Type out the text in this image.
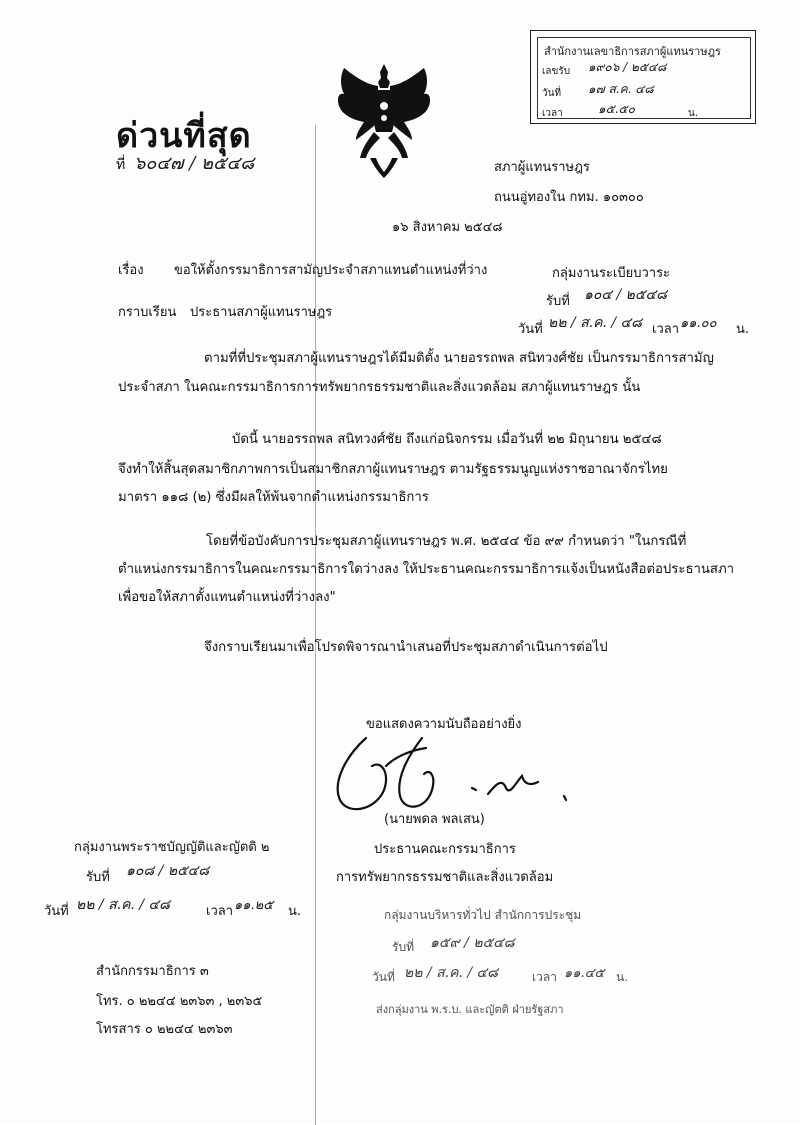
สำนักงานเลขาธิการสภาผู้แทนราษฎร
เลขรับ ๑๙๐๖ / ๒๕๔๘
วันที่ ๑๗ ส.ค. ๔๘
เวลา	๑๕.๕๐	น.
ด่วนที่สุด
ที่ ๖๐๔๗ / ๒๕๔๘	สภาผู้แทนราษฎร
ถนนอู่ทองใน กทม. ๑๐๓๐๐
๑๖ สิงหาคม ๒๕๔๘
เรื่อง ขอให้ตั้งกรรมาธิการสามัญประจำสภาแทนตำแหน่งที่ว่าง
กราบเรียน ประธานสภาผู้แทนราษฎร
กลุ่มงานระเบียบวาระ
รับที่ ๑๐๔ / ๒๕๔๘
วันที่ ๒๒ / ส.ค. / ๔๘ เวลา ๑๑.๐๐ น.
ตามที่ที่ประชุมสภาผู้แทนราษฎรได้มีมติตั้ง นายอรรถพล สนิทวงศ์ชัย เป็นกรรมาธิการสามัญ
ประจำสภา ในคณะกรรมาธิการการทรัพยากรธรรมชาติและสิ่งแวดล้อม สภาผู้แทนราษฎร นั้น
บัดนี้ นายอรรถพล สนิทวงศ์ชัย ถึงแก่อนิจกรรม เมื่อวันที่ ๒๒ มิถุนายน ๒๕๔๘
จึงทำให้สิ้นสุดสมาชิกภาพการเป็นสมาชิกสภาผู้แทนราษฎร ตามรัฐธรรมนูญแห่งราชอาณาจักรไทย
มาตรา ๑๑๘ (๒) ซึ่งมีผลให้พ้นจากตำแหน่งกรรมาธิการ
โดยที่ข้อบังคับการประชุมสภาผู้แทนราษฎร พ.ศ. ๒๕๔๔ ข้อ ๙๙ กำหนดว่า "ในกรณีที่
ตำแหน่งกรรมาธิการในคณะกรรมาธิการใดว่างลง ให้ประธานคณะกรรมาธิการแจ้งเป็นหนังสือต่อประธานสภา
เพื่อขอให้สภาตั้งแทนตำแหน่งที่ว่างลง"
จึงกราบเรียนมาเพื่อโปรดพิจารณานำเสนอที่ประชุมสภาดำเนินการต่อไป
ขอแสดงความนับถืออย่างยิ่ง
(นายพดล พลเสน)
ประธานคณะกรรมาธิการ
การทรัพยากรธรรมชาติและสิ่งแวดล้อม
กลุ่มงานพระราชบัญญัติและญัตติ ๒
รับที่ ๑๐๘ / ๒๕๔๘
วันที่ ๒๒ / ส.ค. / ๔๘	เวลา ๑๑.๒๕ น.	กลุ่มงานบริหารทั่วไป สำนักการประชุม
รับที่ ๑๕๙ / ๒๕๔๘
วันที่ ๒๒ / ส.ค. / ๔๘	เวลา ๑๑.๔๕ น.
ส่งกลุ่มงาน พ.ร.บ. และญัตติ ฝ่ายรัฐสภา
สำนักกรรมาธิการ ๓
โทร. ๐ ๒๒๔๔ ๒๓๖๓ , ๒๓๖๕
โทรสาร ๐ ๒๒๔๔ ๒๓๖๓
